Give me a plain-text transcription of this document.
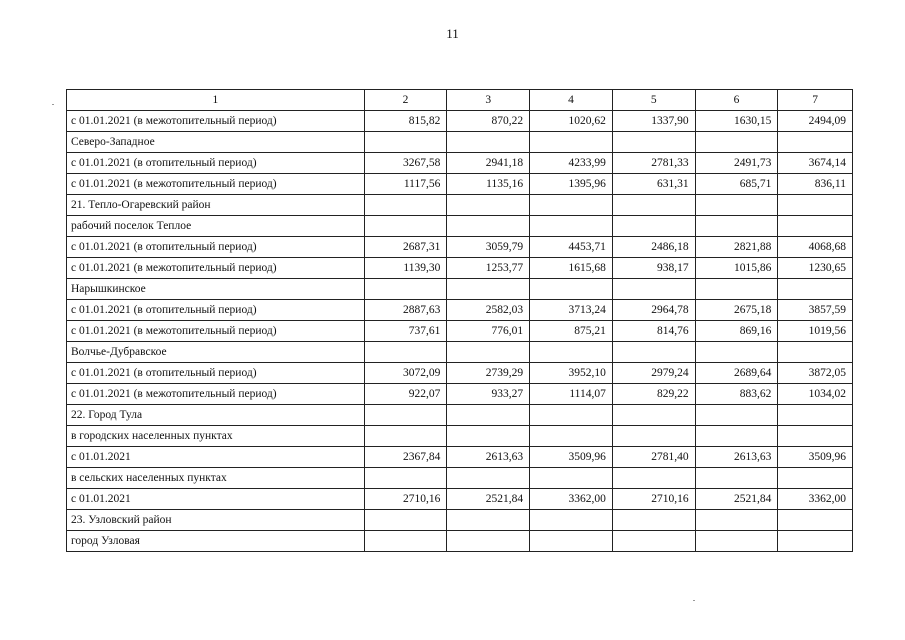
11
1	2	3	4	5	6	7
с 01.01.2021 (в межотопительный период)	815,82	870,22	1020,62	1337,90	1630,15	2494,09
Северо-Западное						
с 01.01.2021 (в отопительный период)	3267,58	2941,18	4233,99	2781,33	2491,73	3674,14
с 01.01.2021 (в межотопительный период)	1117,56	1135,16	1395,96	631,31	685,71	836,11
21. Тепло-Огаревский район						
рабочий поселок Теплое						
с 01.01.2021 (в отопительный период)	2687,31	3059,79	4453,71	2486,18	2821,88	4068,68
с 01.01.2021 (в межотопительный период)	1139,30	1253,77	1615,68	938,17	1015,86	1230,65
Нарышкинское						
с 01.01.2021 (в отопительный период)	2887,63	2582,03	3713,24	2964,78	2675,18	3857,59
с 01.01.2021 (в межотопительный период)	737,61	776,01	875,21	814,76	869,16	1019,56
Волчье-Дубравское						
с 01.01.2021 (в отопительный период)	3072,09	2739,29	3952,10	2979,24	2689,64	3872,05
с 01.01.2021 (в межотопительный период)	922,07	933,27	1114,07	829,22	883,62	1034,02
22. Город Тула						
в городских населенных пунктах						
с 01.01.2021	2367,84	2613,63	3509,96	2781,40	2613,63	3509,96
в сельских населенных пунктах						
с 01.01.2021	2710,16	2521,84	3362,00	2710,16	2521,84	3362,00
23. Узловский район						
город Узловая						
